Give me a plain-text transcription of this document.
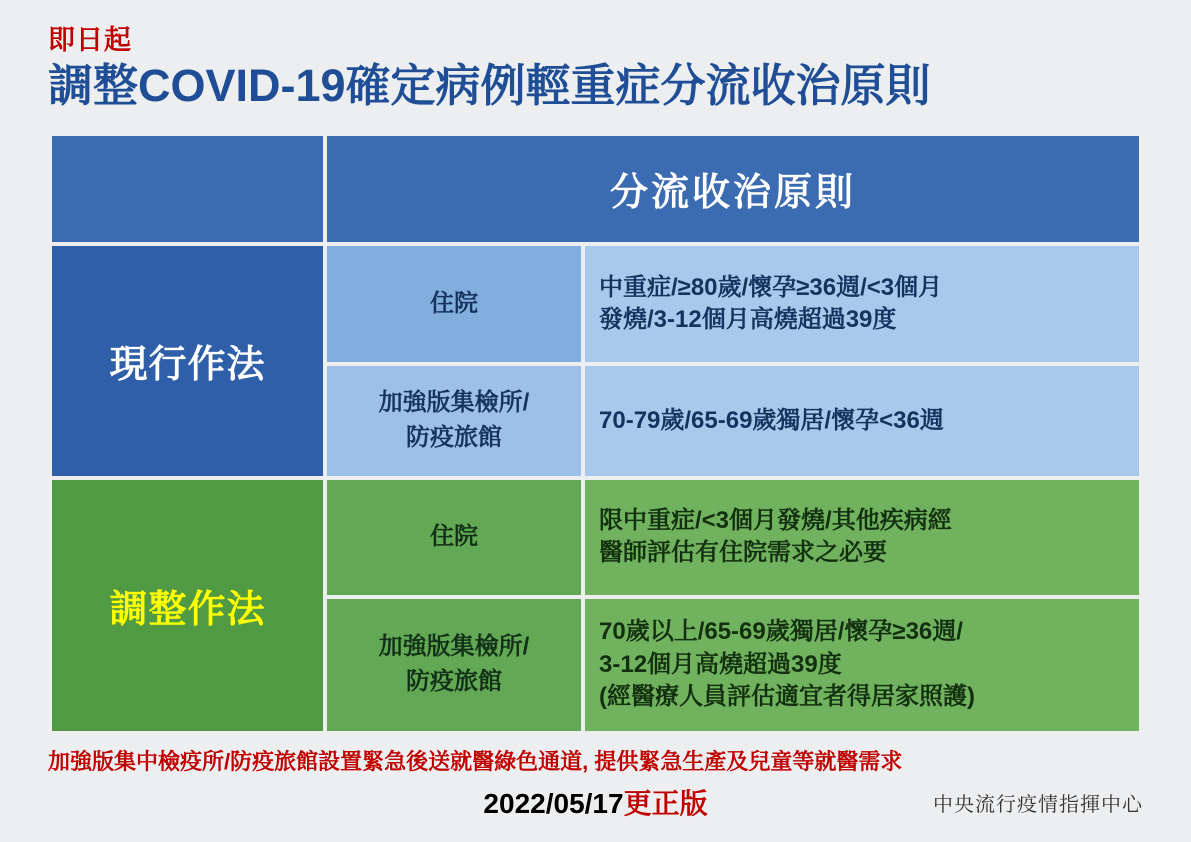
即日起
調整COVID-19確定病例輕重症分流收治原則
	分流收治原則	
現行作法	住院	中重症/≥80歲/懷孕≥36週/<3個月
發燒/3-12個月高燒超過39度

	加強版集檢所/
防疫旅館	70-79歲/65-69歲獨居/懷孕<36週

調整作法	住院	限中重症/<3個月發燒/其他疾病經
醫師評估有住院需求之必要

	加強版集檢所/
防疫旅館	70歲以上/65-69歲獨居/懷孕≥36週/
3-12個月高燒超過39度
(經醫療人員評估適宜者得居家照護)
加強版集中檢疫所/防疫旅館設置緊急後送就醫綠色通道, 提供緊急生產及兒童等就醫需求
2022/05/17更正版	中央流行疫情指揮中心
